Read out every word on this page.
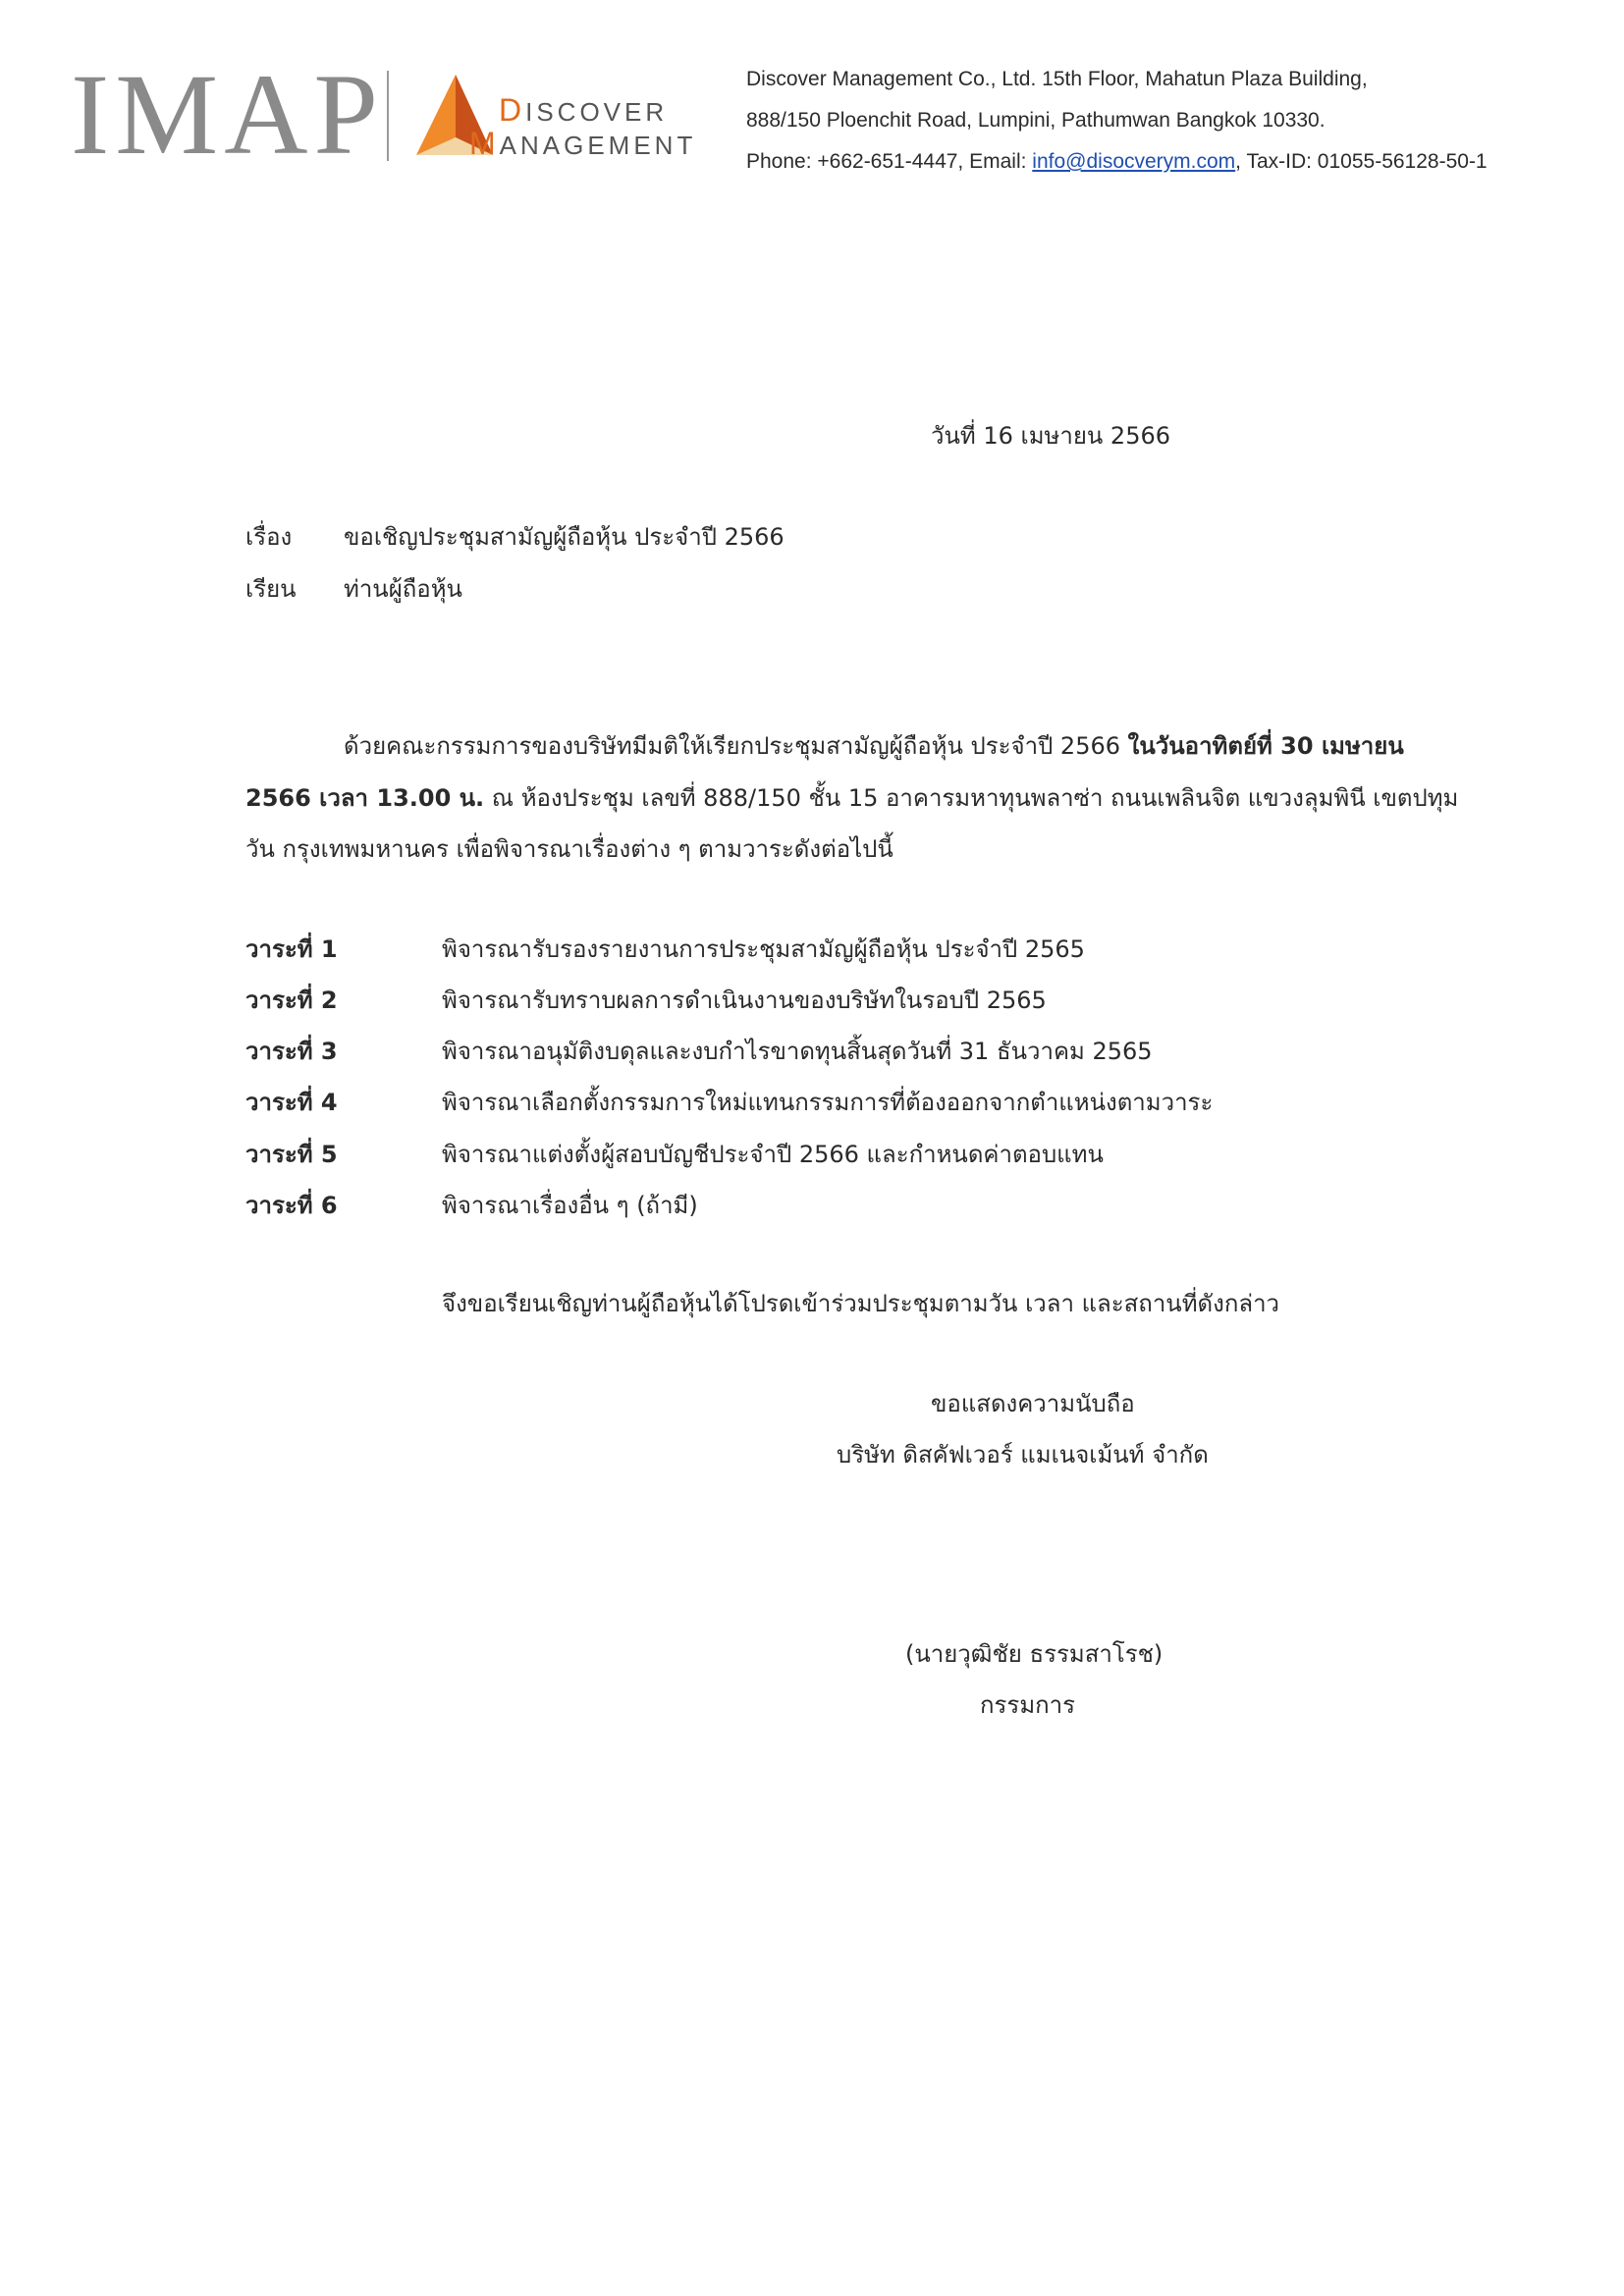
IMAP	DISCOVER
MANAGEMENT
Discover Management Co., Ltd. 15th Floor, Mahatun Plaza Building,
888/150 Ploenchit Road, Lumpini, Pathumwan Bangkok 10330.
Phone: +662-651-4447, Email: info@disocverym.com, Tax-ID: 01055-56128-50-1
วันที่ 16 เมษายน 2566
เรื่อง ขอเชิญประชุมสามัญผู้ถือหุ้น ประจำปี 2566
เรียน ท่านผู้ถือหุ้น
ด้วยคณะกรรมการของบริษัทมีมติให้เรียกประชุมสามัญผู้ถือหุ้น ประจำปี 2566 ในวันอาทิตย์ที่ 30 เมษายน
2566 เวลา 13.00 น. ณ ห้องประชุม เลขที่ 888/150 ชั้น 15 อาคารมหาทุนพลาซ่า ถนนเพลินจิต แขวงลุมพินี เขตปทุม
วัน กรุงเทพมหานคร เพื่อพิจารณาเรื่องต่าง ๆ ตามวาระดังต่อไปนี้
วาระที่ 1	พิจารณารับรองรายงานการประชุมสามัญผู้ถือหุ้น ประจำปี 2565
วาระที่ 2	พิจารณารับทราบผลการดำเนินงานของบริษัทในรอบปี 2565
วาระที่ 3	พิจารณาอนุมัติงบดุลและงบกำไรขาดทุนสิ้นสุดวันที่ 31 ธันวาคม 2565
วาระที่ 4	พิจารณาเลือกตั้งกรรมการใหม่แทนกรรมการที่ต้องออกจากตำแหน่งตามวาระ
วาระที่ 5	พิจารณาแต่งตั้งผู้สอบบัญชีประจำปี 2566 และกำหนดค่าตอบแทน
วาระที่ 6	พิจารณาเรื่องอื่น ๆ (ถ้ามี)
จึงขอเรียนเชิญท่านผู้ถือหุ้นได้โปรดเข้าร่วมประชุมตามวัน เวลา และสถานที่ดังกล่าว
ขอแสดงความนับถือ
บริษัท ดิสคัฟเวอร์ แมเนจเม้นท์ จำกัด
(นายวุฒิชัย ธรรมสาโรช)
กรรมการ
